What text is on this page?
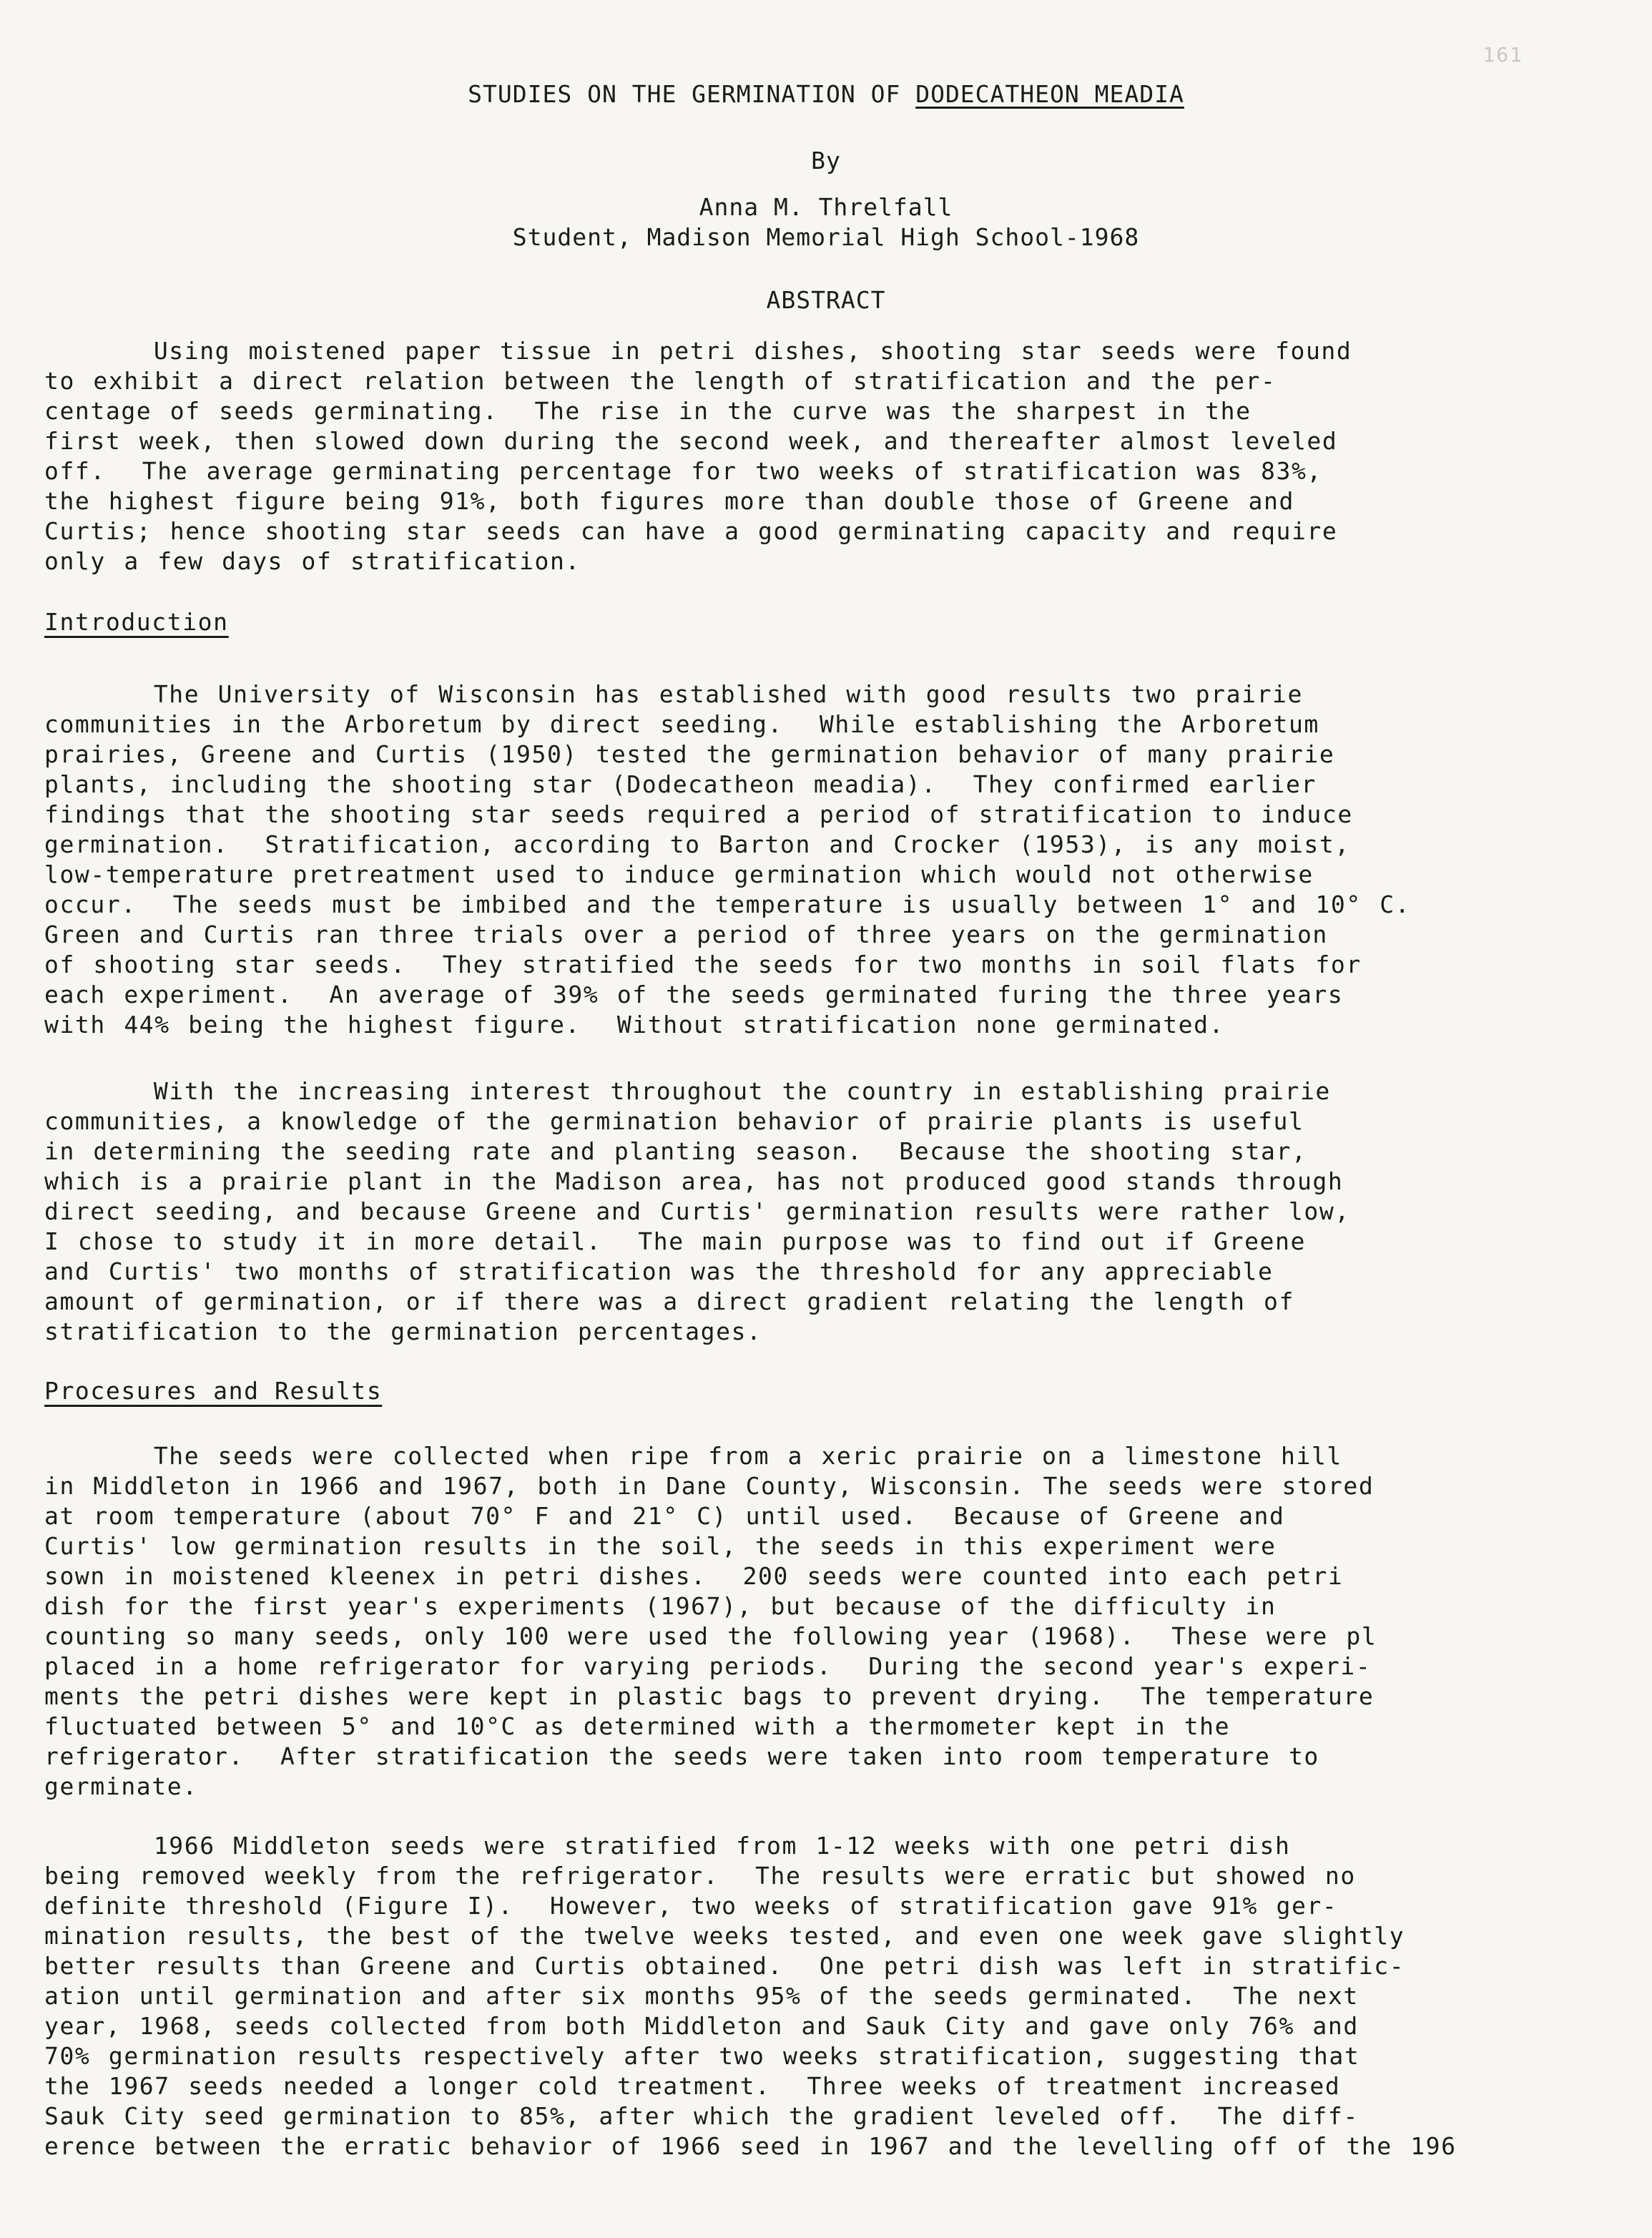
161
STUDIES ON THE GERMINATION OF DODECATHEON MEADIA
By
Anna M. Threlfall
Student, Madison Memorial High School-1968
ABSTRACT
Using moistened paper tissue in petri dishes, shooting star seeds were found
to exhibit a direct relation between the length of stratification and the per-
centage of seeds germinating.  The rise in the curve was the sharpest in the
first week, then slowed down during the second week, and thereafter almost leveled
off.  The average germinating percentage for two weeks of stratification was 83%,
the highest figure being 91%, both figures more than double those of Greene and
Curtis; hence shooting star seeds can have a good germinating capacity and require
only a few days of stratification.
Introduction
The University of Wisconsin has established with good results two prairie
communities in the Arboretum by direct seeding.  While establishing the Arboretum
prairies, Greene and Curtis (1950) tested the germination behavior of many prairie
plants, including the shooting star (Dodecatheon meadia).  They confirmed earlier
findings that the shooting star seeds required a period of stratification to induce
germination.  Stratification, according to Barton and Crocker (1953), is any moist,
low-temperature pretreatment used to induce germination which would not otherwise
occur.  The seeds must be imbibed and the temperature is usually between 1° and 10° C.
Green and Curtis ran three trials over a period of three years on the germination
of shooting star seeds.  They stratified the seeds for two months in soil flats for
each experiment.  An average of 39% of the seeds germinated furing the three years
with 44% being the highest figure.  Without stratification none germinated.
With the increasing interest throughout the country in establishing prairie
communities, a knowledge of the germination behavior of prairie plants is useful
in determining the seeding rate and planting season.  Because the shooting star,
which is a prairie plant in the Madison area, has not produced good stands through
direct seeding, and because Greene and Curtis' germination results were rather low,
I chose to study it in more detail.  The main purpose was to find out if Greene
and Curtis' two months of stratification was the threshold for any appreciable
amount of germination, or if there was a direct gradient relating the length of
stratification to the germination percentages.
Procesures and Results
The seeds were collected when ripe from a xeric prairie on a limestone hill
in Middleton in 1966 and 1967, both in Dane County, Wisconsin. The seeds were stored
at room temperature (about 70° F and 21° C) until used.  Because of Greene and
Curtis' low germination results in the soil, the seeds in this experiment were
sown in moistened kleenex in petri dishes.  200 seeds were counted into each petri
dish for the first year's experiments (1967), but because of the difficulty in
counting so many seeds, only 100 were used the following year (1968).  These were pl
placed in a home refrigerator for varying periods.  During the second year's experi-
ments the petri dishes were kept in plastic bags to prevent drying.  The temperature
fluctuated between 5° and 10°C as determined with a thermometer kept in the
refrigerator.  After stratification the seeds were taken into room temperature to
germinate.
1966 Middleton seeds were stratified from 1-12 weeks with one petri dish
being removed weekly from the refrigerator.  The results were erratic but showed no
definite threshold (Figure I).  However, two weeks of stratification gave 91% ger-
mination results, the best of the twelve weeks tested, and even one week gave slightly
better results than Greene and Curtis obtained.  One petri dish was left in stratific-
ation until germination and after six months 95% of the seeds germinated.  The next
year, 1968, seeds collected from both Middleton and Sauk City and gave only 76% and
70% germination results respectively after two weeks stratification, suggesting that
the 1967 seeds needed a longer cold treatment.  Three weeks of treatment increased
Sauk City seed germination to 85%, after which the gradient leveled off.  The diff-
erence between the erratic behavior of 1966 seed in 1967 and the levelling off of the 196
